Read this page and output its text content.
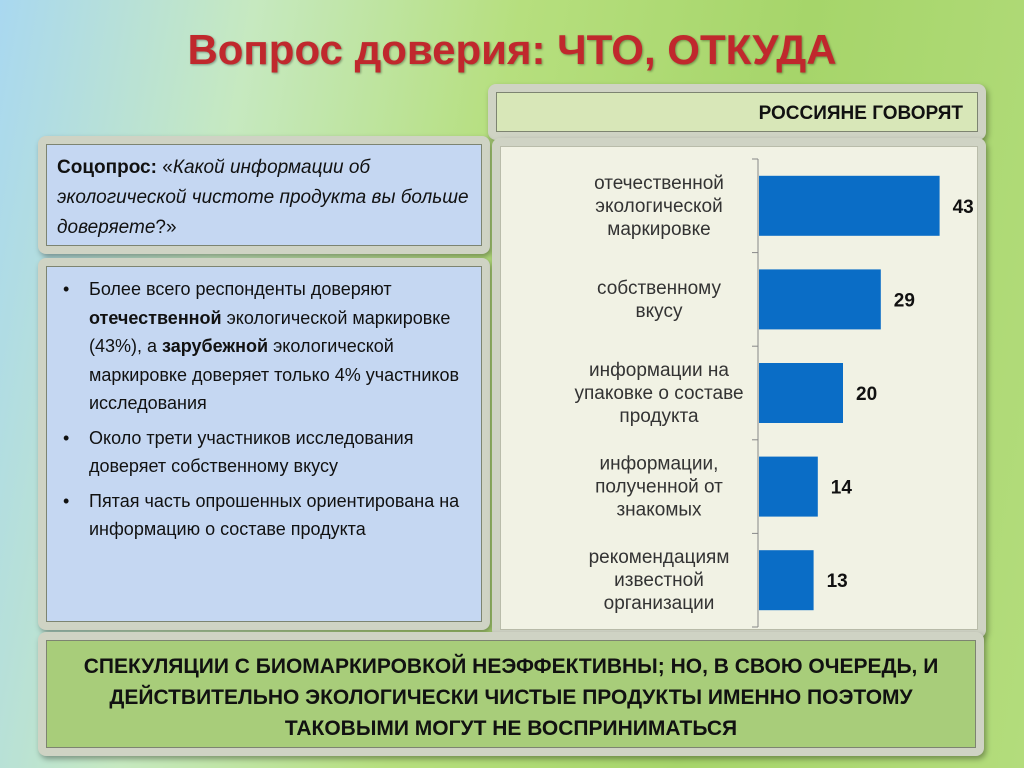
Вопрос доверия: ЧТО, ОТКУДА
РОССИЯНЕ ГОВОРЯТ
Соцопрос: «Какой информации об экологической чистоте продукта вы больше доверяете?»
• Более всего респонденты доверяют отечественной экологической маркировке (43%), а зарубежной экологической маркировке доверяет только 4% участников исследования
• Около трети участников исследования доверяет собственному вкусу
• Пятая часть опрошенных ориентирована на информацию о составе продукта
43
отечественной экологической маркировке
29
собственному вкусу
20
информации на упаковке о составе продукта
14
информации, полученной от знакомых
13
рекомендациям известной организации
СПЕКУЛЯЦИИ С БИОМАРКИРОВКОЙ НЕЭФФЕКТИВНЫ; НО, В СВОЮ ОЧЕРЕДЬ, И ДЕЙСТВИТЕЛЬНО ЭКОЛОГИЧЕСКИ ЧИСТЫЕ ПРОДУКТЫ ИМЕННО ПОЭТОМУ ТАКОВЫМИ МОГУТ НЕ ВОСПРИНИМАТЬСЯ
